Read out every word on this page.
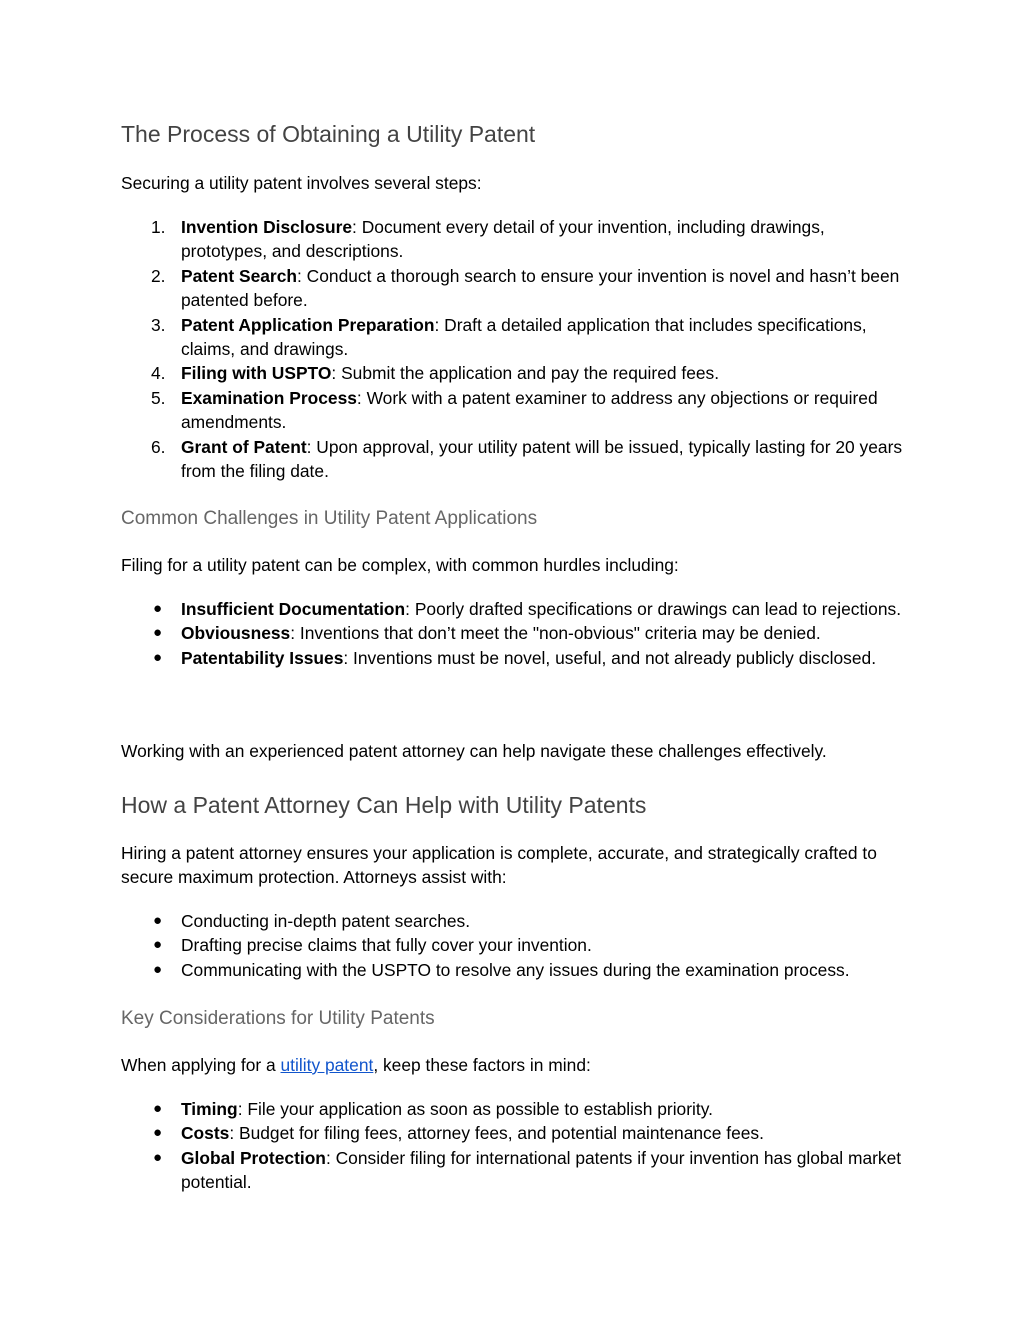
The Process of Obtaining a Utility Patent

Securing a utility patent involves several steps:

1. Invention Disclosure: Document every detail of your invention, including drawings, prototypes, and descriptions.
2. Patent Search: Conduct a thorough search to ensure your invention is novel and hasn’t been patented before.
3. Patent Application Preparation: Draft a detailed application that includes specifications, claims, and drawings.
4. Filing with USPTO: Submit the application and pay the required fees.
5. Examination Process: Work with a patent examiner to address any objections or required amendments.
6. Grant of Patent: Upon approval, your utility patent will be issued, typically lasting for 20 years from the filing date.
Common Challenges in Utility Patent Applications

Filing for a utility patent can be complex, with common hurdles including:

● Insufficient Documentation: Poorly drafted specifications or drawings can lead to rejections.
● Obviousness: Inventions that don’t meet the "non-obvious" criteria may be denied.
● Patentability Issues: Inventions must be novel, useful, and not already publicly disclosed.

Working with an experienced patent attorney can help navigate these challenges effectively.

How a Patent Attorney Can Help with Utility Patents

Hiring a patent attorney ensures your application is complete, accurate, and strategically crafted to secure maximum protection. Attorneys assist with:

● Conducting in-depth patent searches.
● Drafting precise claims that fully cover your invention.
● Communicating with the USPTO to resolve any issues during the examination process.
Key Considerations for Utility Patents

When applying for a utility patent, keep these factors in mind:

● Timing: File your application as soon as possible to establish priority.
● Costs: Budget for filing fees, attorney fees, and potential maintenance fees.
● Global Protection: Consider filing for international patents if your invention has global market potential.
